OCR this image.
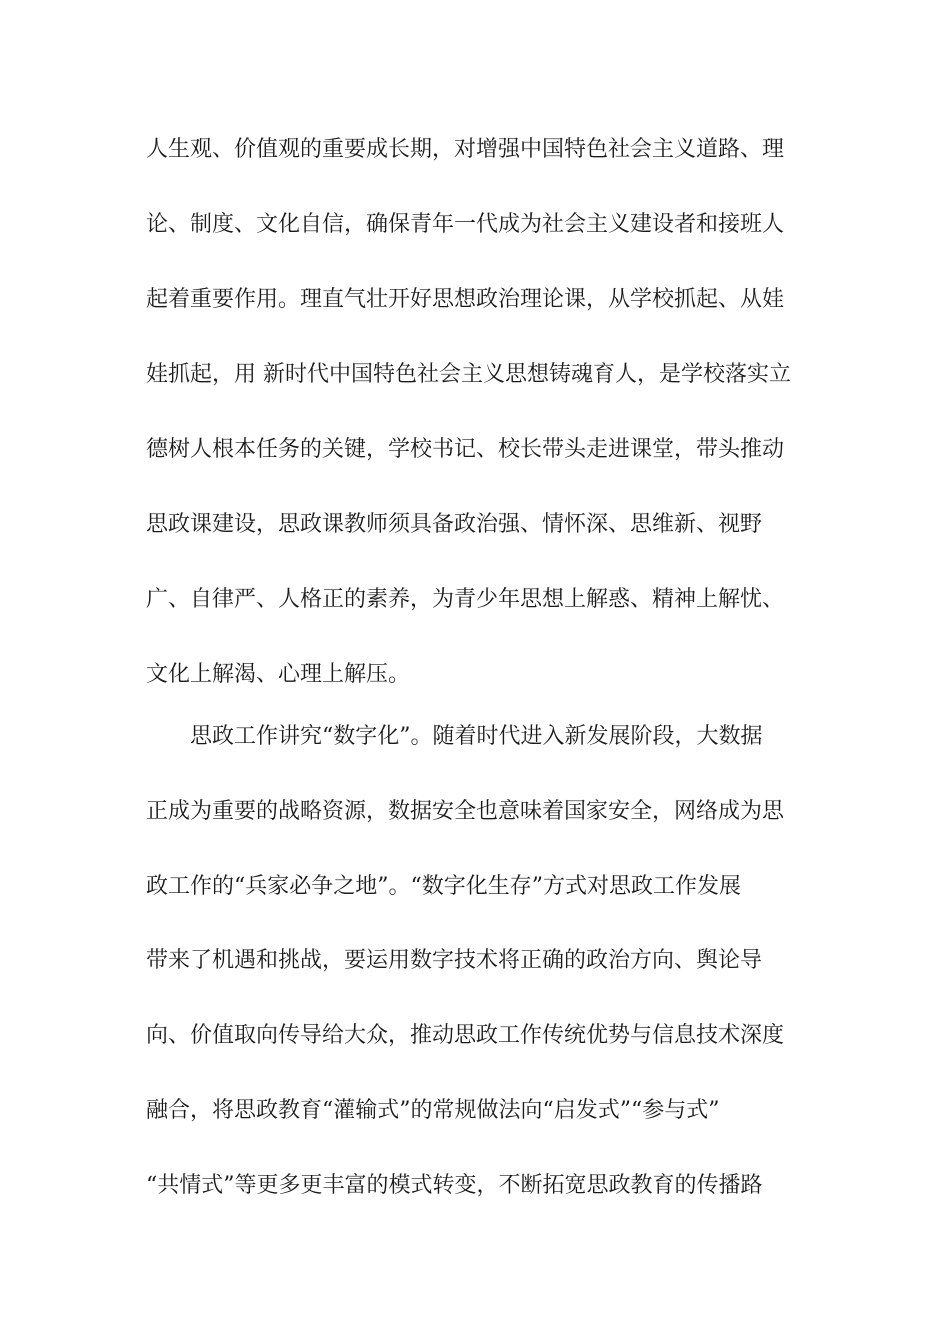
人生观、价值观的重要成长期，对增强中国特色社会主义道路、理
论、制度、文化自信，确保青年一代成为社会主义建设者和接班人
起着重要作用。理直气壮开好思想政治理论课，从学校抓起、从娃
娃抓起，用 新时代中国特色社会主义思想铸魂育人，是学校落实立
德树人根本任务的关键，学校书记、校长带头走进课堂，带头推动
思政课建设，思政课教师须具备政治强、情怀深、思维新、视野
广、自律严、人格正的素养，为青少年思想上解惑、精神上解忧、
文化上解渴、心理上解压。
思政工作讲究“数字化”。随着时代进入新发展阶段，大数据
正成为重要的战略资源，数据安全也意味着国家安全，网络成为思
政工作的“兵家必争之地”。“数字化生存”方式对思政工作发展
带来了机遇和挑战，要运用数字技术将正确的政治方向、舆论导
向、价值取向传导给大众，推动思政工作传统优势与信息技术深度
融合，将思政教育“灌输式”的常规做法向“启发式”“参与式”
“共情式”等更多更丰富的模式转变，不断拓宽思政教育的传播路
